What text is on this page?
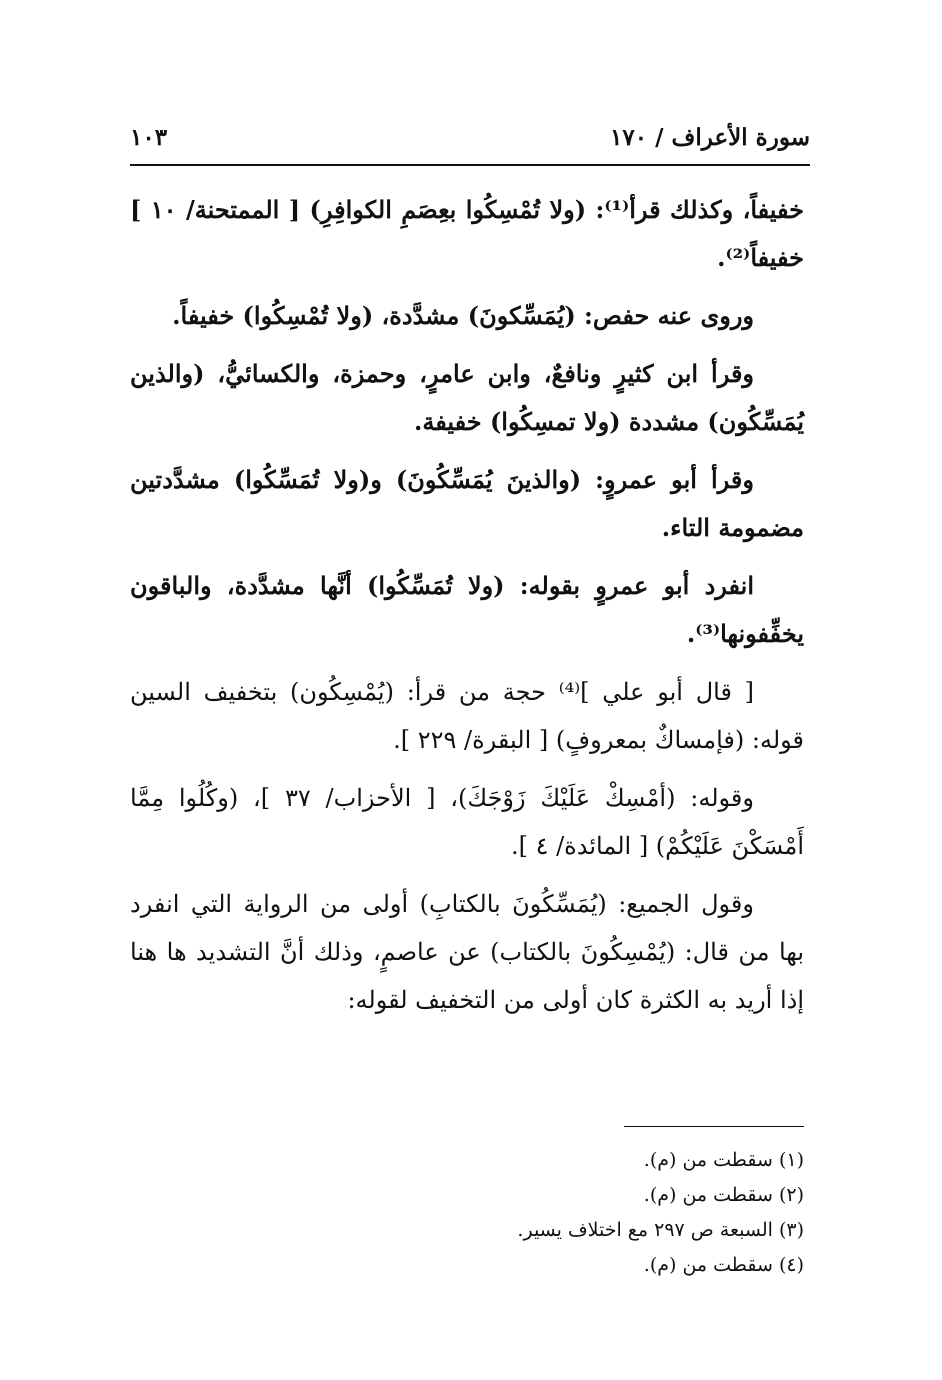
سورة الأعراف / ١٧٠
١٠٣

خفيفاً، وكذلك قرأ⁽¹⁾: (ولا تُمْسِكُوا بعِصَمِ الكوافِرِ) [ الممتحنة/ ١٠ ] خفيفاً⁽²⁾.

وروى عنه حفص: (يُمَسِّكونَ) مشدَّدة، (ولا تُمْسِكُوا) خفيفاً.

وقرأ ابن كثيرٍ ونافعٌ، وابن عامرٍ، وحمزة، والكسائيُّ، (والذين يُمَسِّكُون) مشددة (ولا تمسِكُوا) خفيفة.

وقرأ أبو عمروٍ: (والذينَ يُمَسِّكُونَ) و(ولا تُمَسِّكُوا) مشدَّدتين مضمومة التاء.

انفرد أبو عمروٍ بقوله: (ولا تُمَسِّكُوا) أنَّها مشدَّدة، والباقون يخفِّفونها⁽³⁾.

[ قال أبو علي ]⁽⁴⁾ حجة من قرأ: (يُمْسِكُون) بتخفيف السين قوله: (فإمساكٌ بمعروفٍ) [ البقرة/ ٢٢٩ ].

وقوله: (أمْسِكْ عَلَيْكَ زَوْجَكَ)، [ الأحزاب/ ٣٧ ]، (وكُلُوا مِمَّا أَمْسَكْنَ عَلَيْكُمْ) [ المائدة/ ٤ ].

وقول الجميع: (يُمَسِّكُونَ بالكتابِ) أولى من الرواية التي انفرد بها من قال: (يُمْسِكُونَ بالكتاب) عن عاصمٍ، وذلك أنَّ التشديد ها هنا إذا أريد به الكثرة كان أولى من التخفيف لقوله:

(١) سقطت من (م).

(٢) سقطت من (م).

(٣) السبعة ص ٢٩٧ مع اختلاف يسير.

(٤) سقطت من (م).
